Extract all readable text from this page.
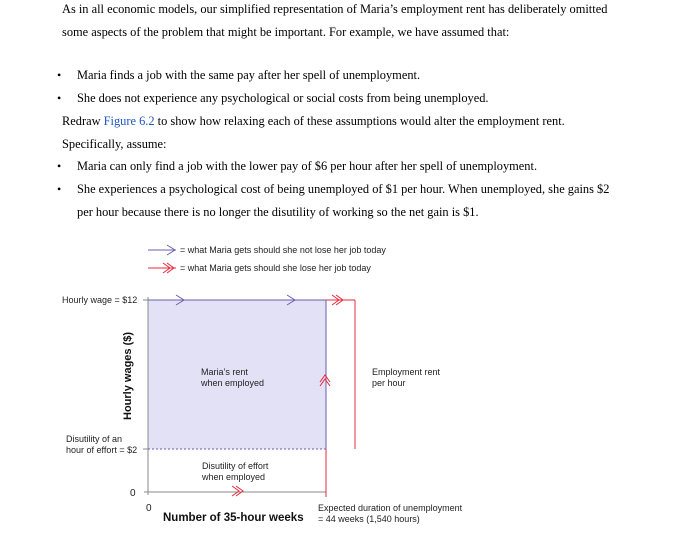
As in all economic models, our simplified representation of Maria’s employment rent has deliberately omitted
some aspects of the problem that might be important. For example, we have assumed that:
• Maria finds a job with the same pay after her spell of unemployment.
• She does not experience any psychological or social costs from being unemployed.
Redraw Figure 6.2 to show how relaxing each of these assumptions would alter the employment rent.
Specifically, assume:
• Maria can only find a job with the lower pay of $6 per hour after her spell of unemployment.
• She experiences a psychological cost of being unemployed of $1 per hour. When unemployed, she gains $2
per hour because there is no longer the disutility of working so the net gain is $1.
= what Maria gets should she not lose her job today
= what Maria gets should she lose her job today
Hourly wage = $12
Disutility of an
hour of effort = $2
0
0
Hourly wages ($)
Number of 35-hour weeks
Maria’s rent
when employed
Employment rent
per hour
Disutility of effort
when employed
Expected duration of unemployment
= 44 weeks (1,540 hours)
